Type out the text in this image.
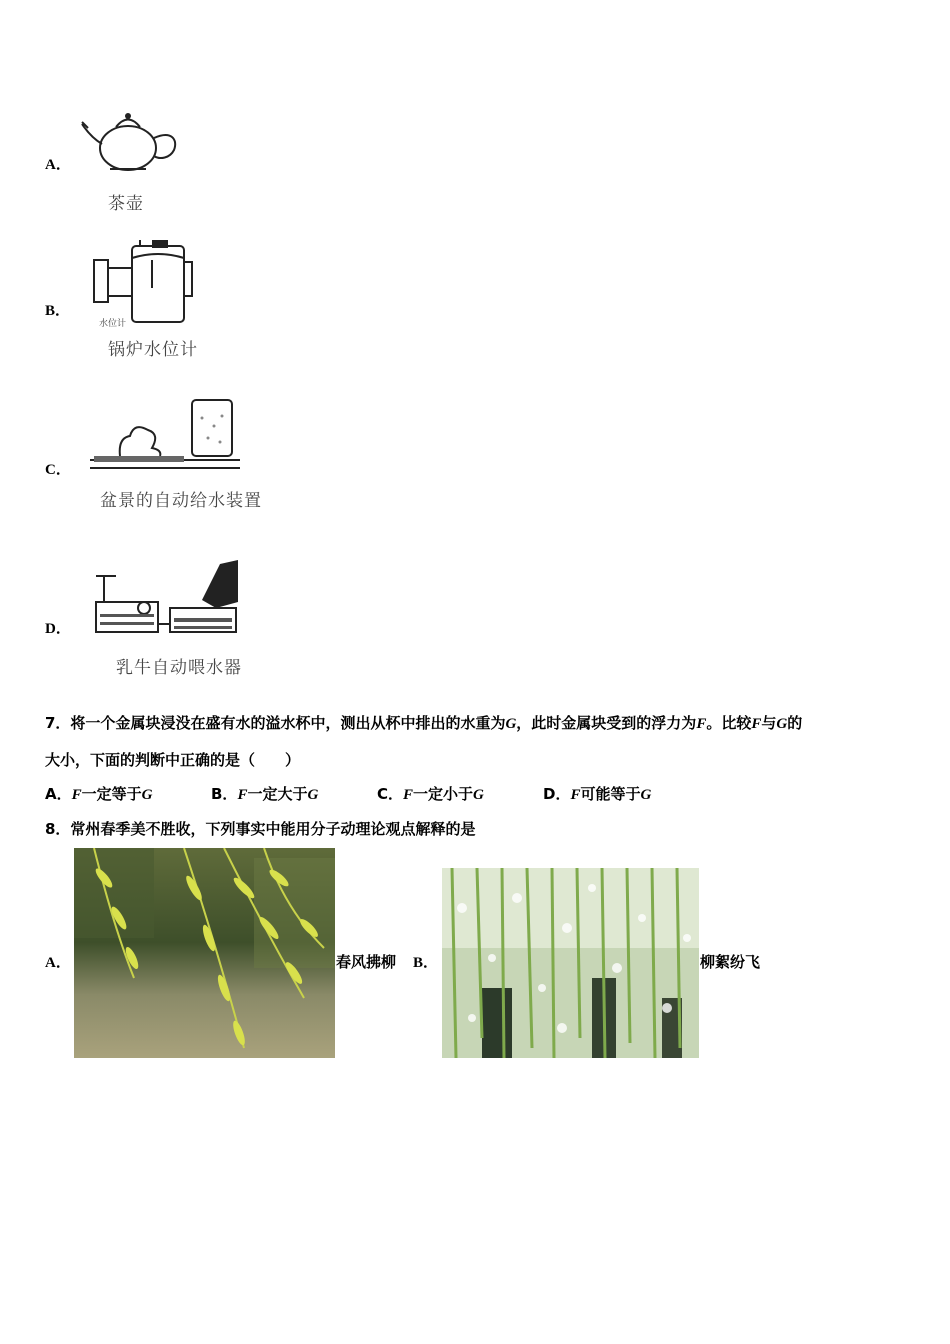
A．
茶壶
B．
水位计
锅炉水位计
C．
盆景的自动给水装置
D．
乳牛自动喂水器
7．将一个金属块浸没在盛有水的溢水杯中，测出从杯中排出的水重为G，此时金属块受到的浮力为F。比较F与G的
大小，下面的判断中正确的是（　　）
A．F一定等于G	B．F一定大于G	C．F一定小于G	D．F可能等于G
8．常州春季美不胜收，下列事实中能用分子动理论观点解释的是
A．	春风拂柳 B．	柳絮纷飞
